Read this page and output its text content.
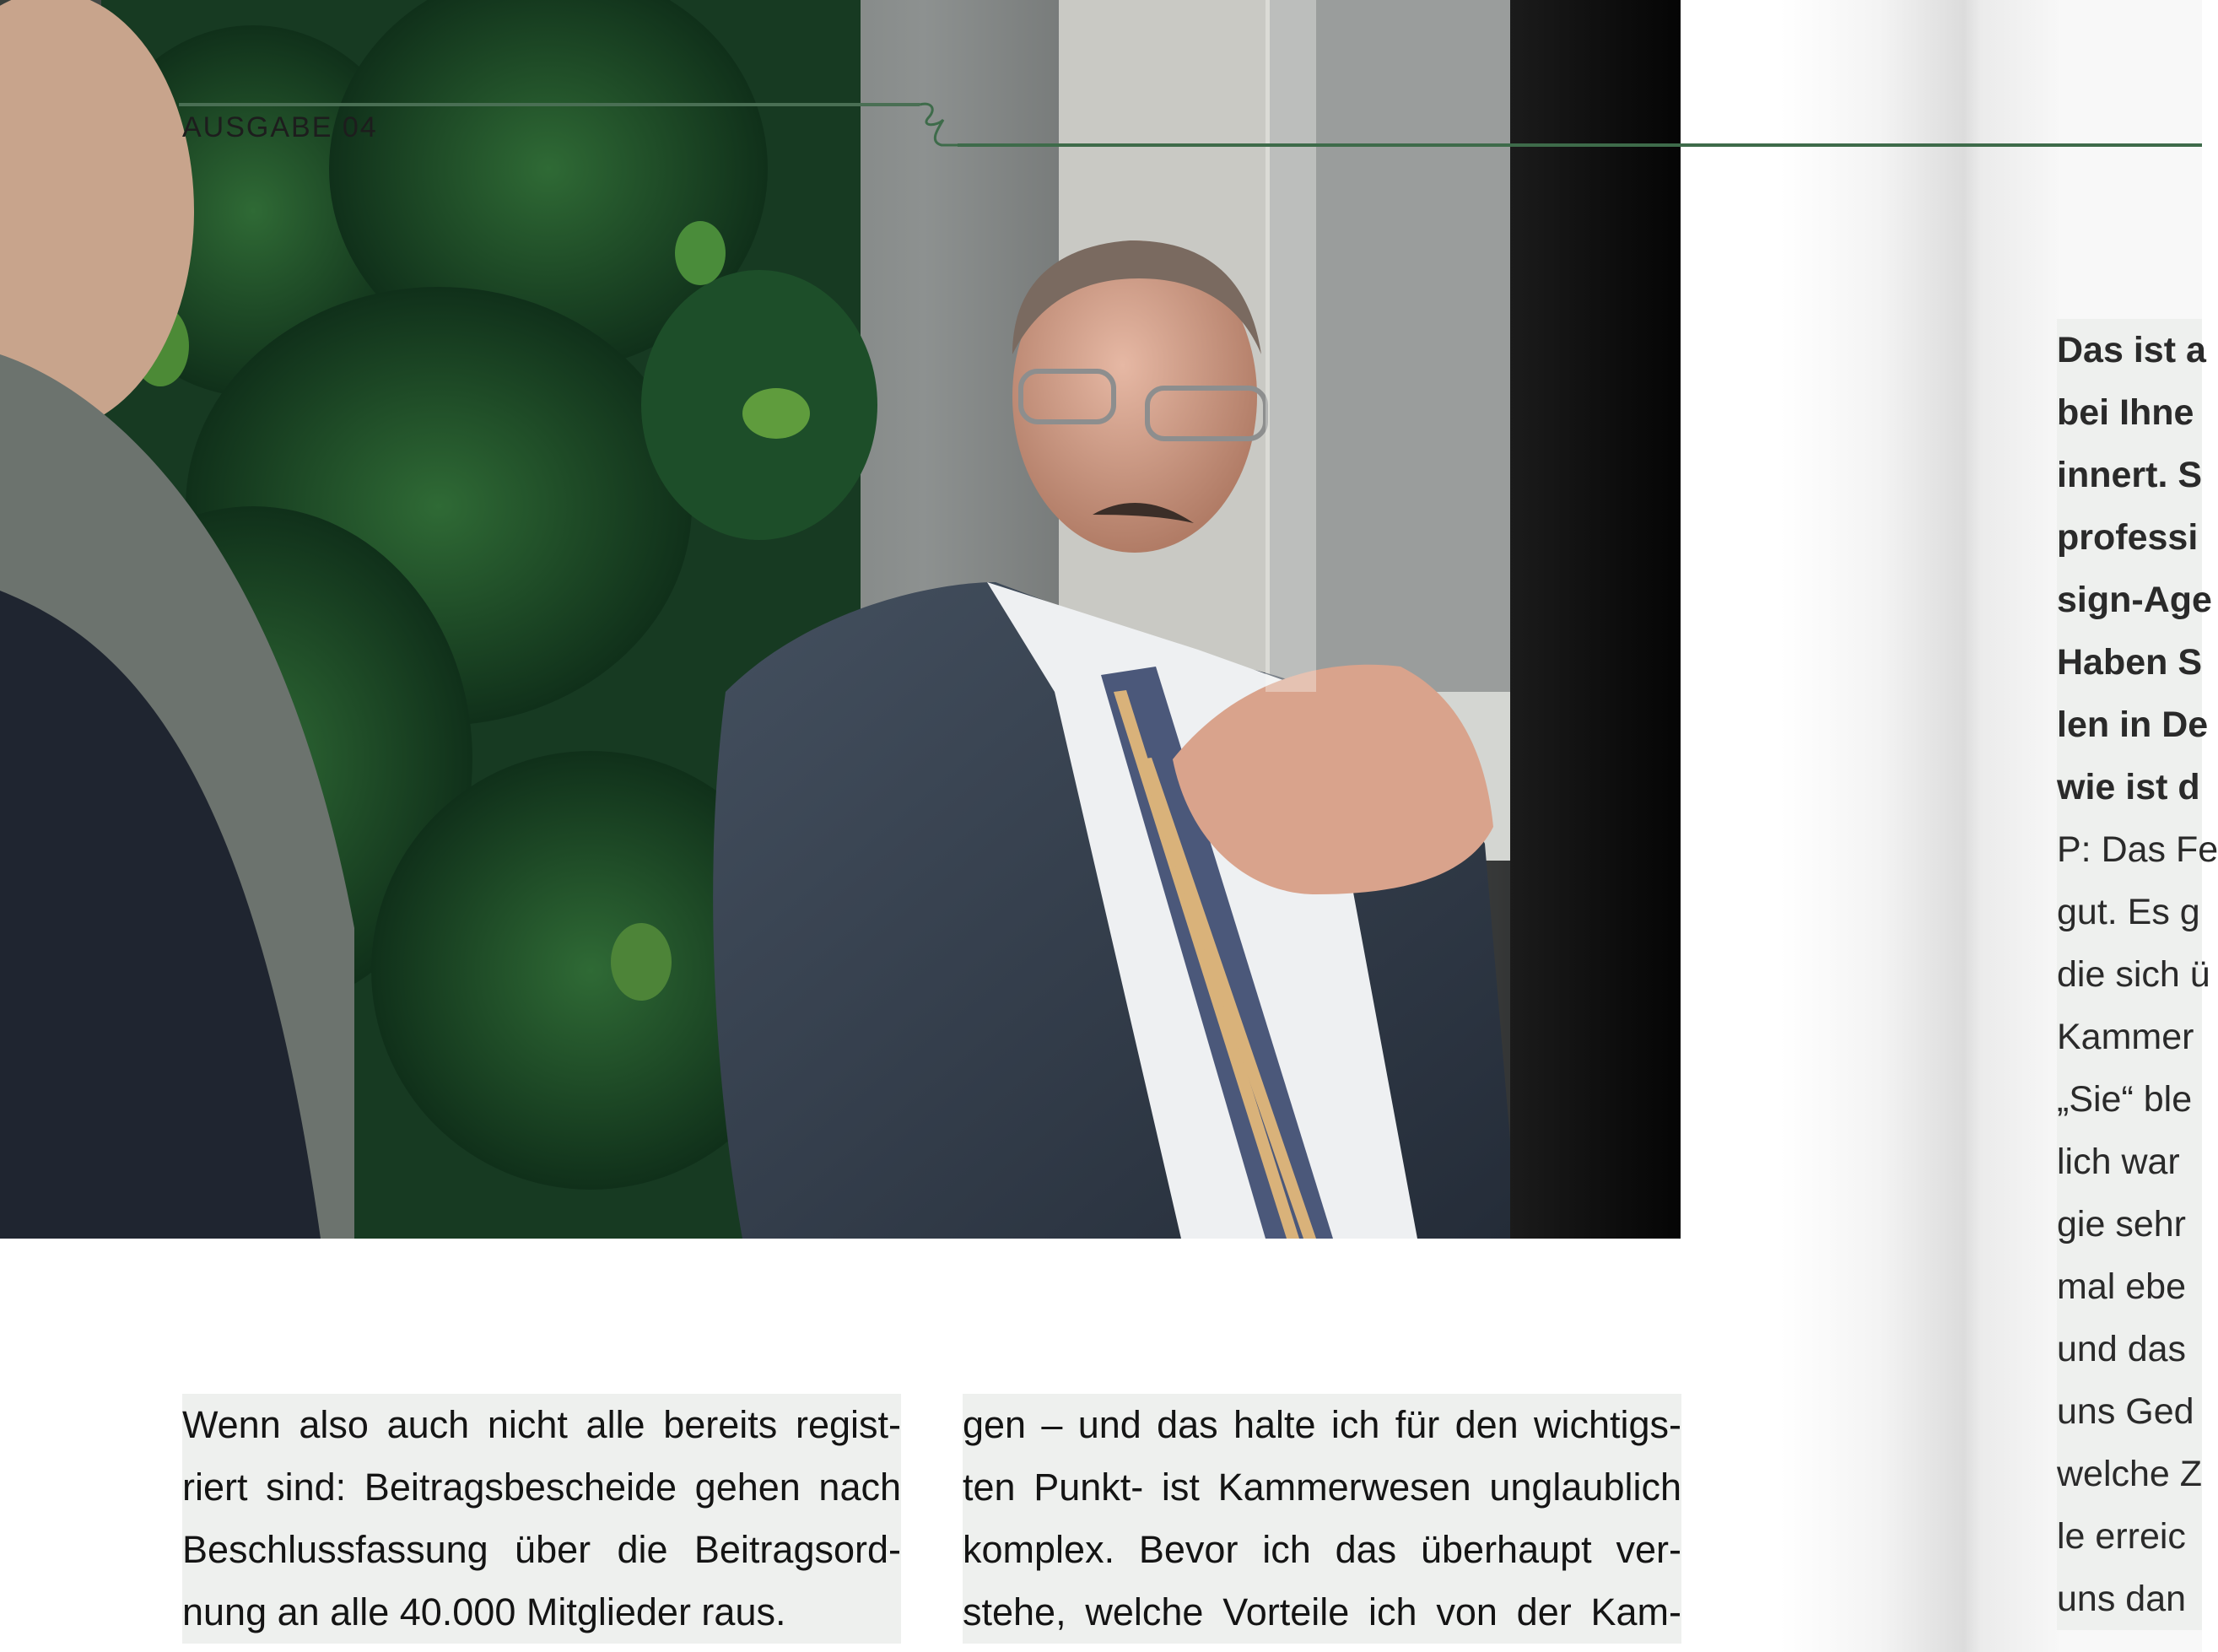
AUSGABE 04
Wenn also auch nicht alle bereits regist-
riert sind: Beitragsbescheide gehen nach
Beschlussfassung über die Beitragsord-
nung an alle 40.000 Mitglieder raus.
gen – und das halte ich für den wichtigs-
ten Punkt- ist Kammerwesen unglaublich
komplex. Bevor ich das überhaupt ver-
stehe, welche Vorteile ich von der Kam-
Das ist a
bei Ihne
innert. S
professi
sign-Age
Haben S
len in De
wie ist d
P: Das Fe
gut. Es g
die sich ü
Kammer
„Sie“ ble
lich war
gie sehr
mal ebe
und das
uns Ged
welche Z
le erreic
uns dan
